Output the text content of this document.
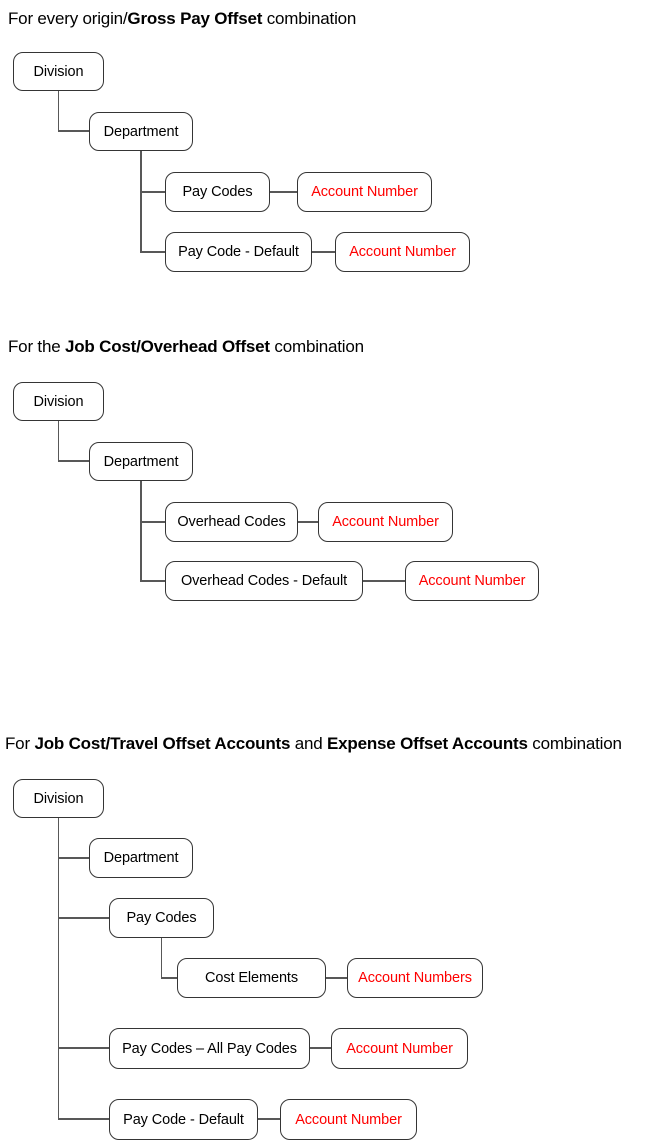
For every origin/Gross Pay Offset combination
Division
Department
Pay Codes	Account Number
Pay Code - Default	Account Number
For the Job Cost/Overhead Offset combination
Division
Department
Overhead Codes	Account Number
Overhead Codes - Default	Account Number
For Job Cost/Travel Offset Accounts and Expense Offset Accounts combination
Division
Department
Pay Codes
Cost Elements	Account Numbers
Pay Codes – All Pay Codes	Account Number
Pay Code - Default	Account Number
